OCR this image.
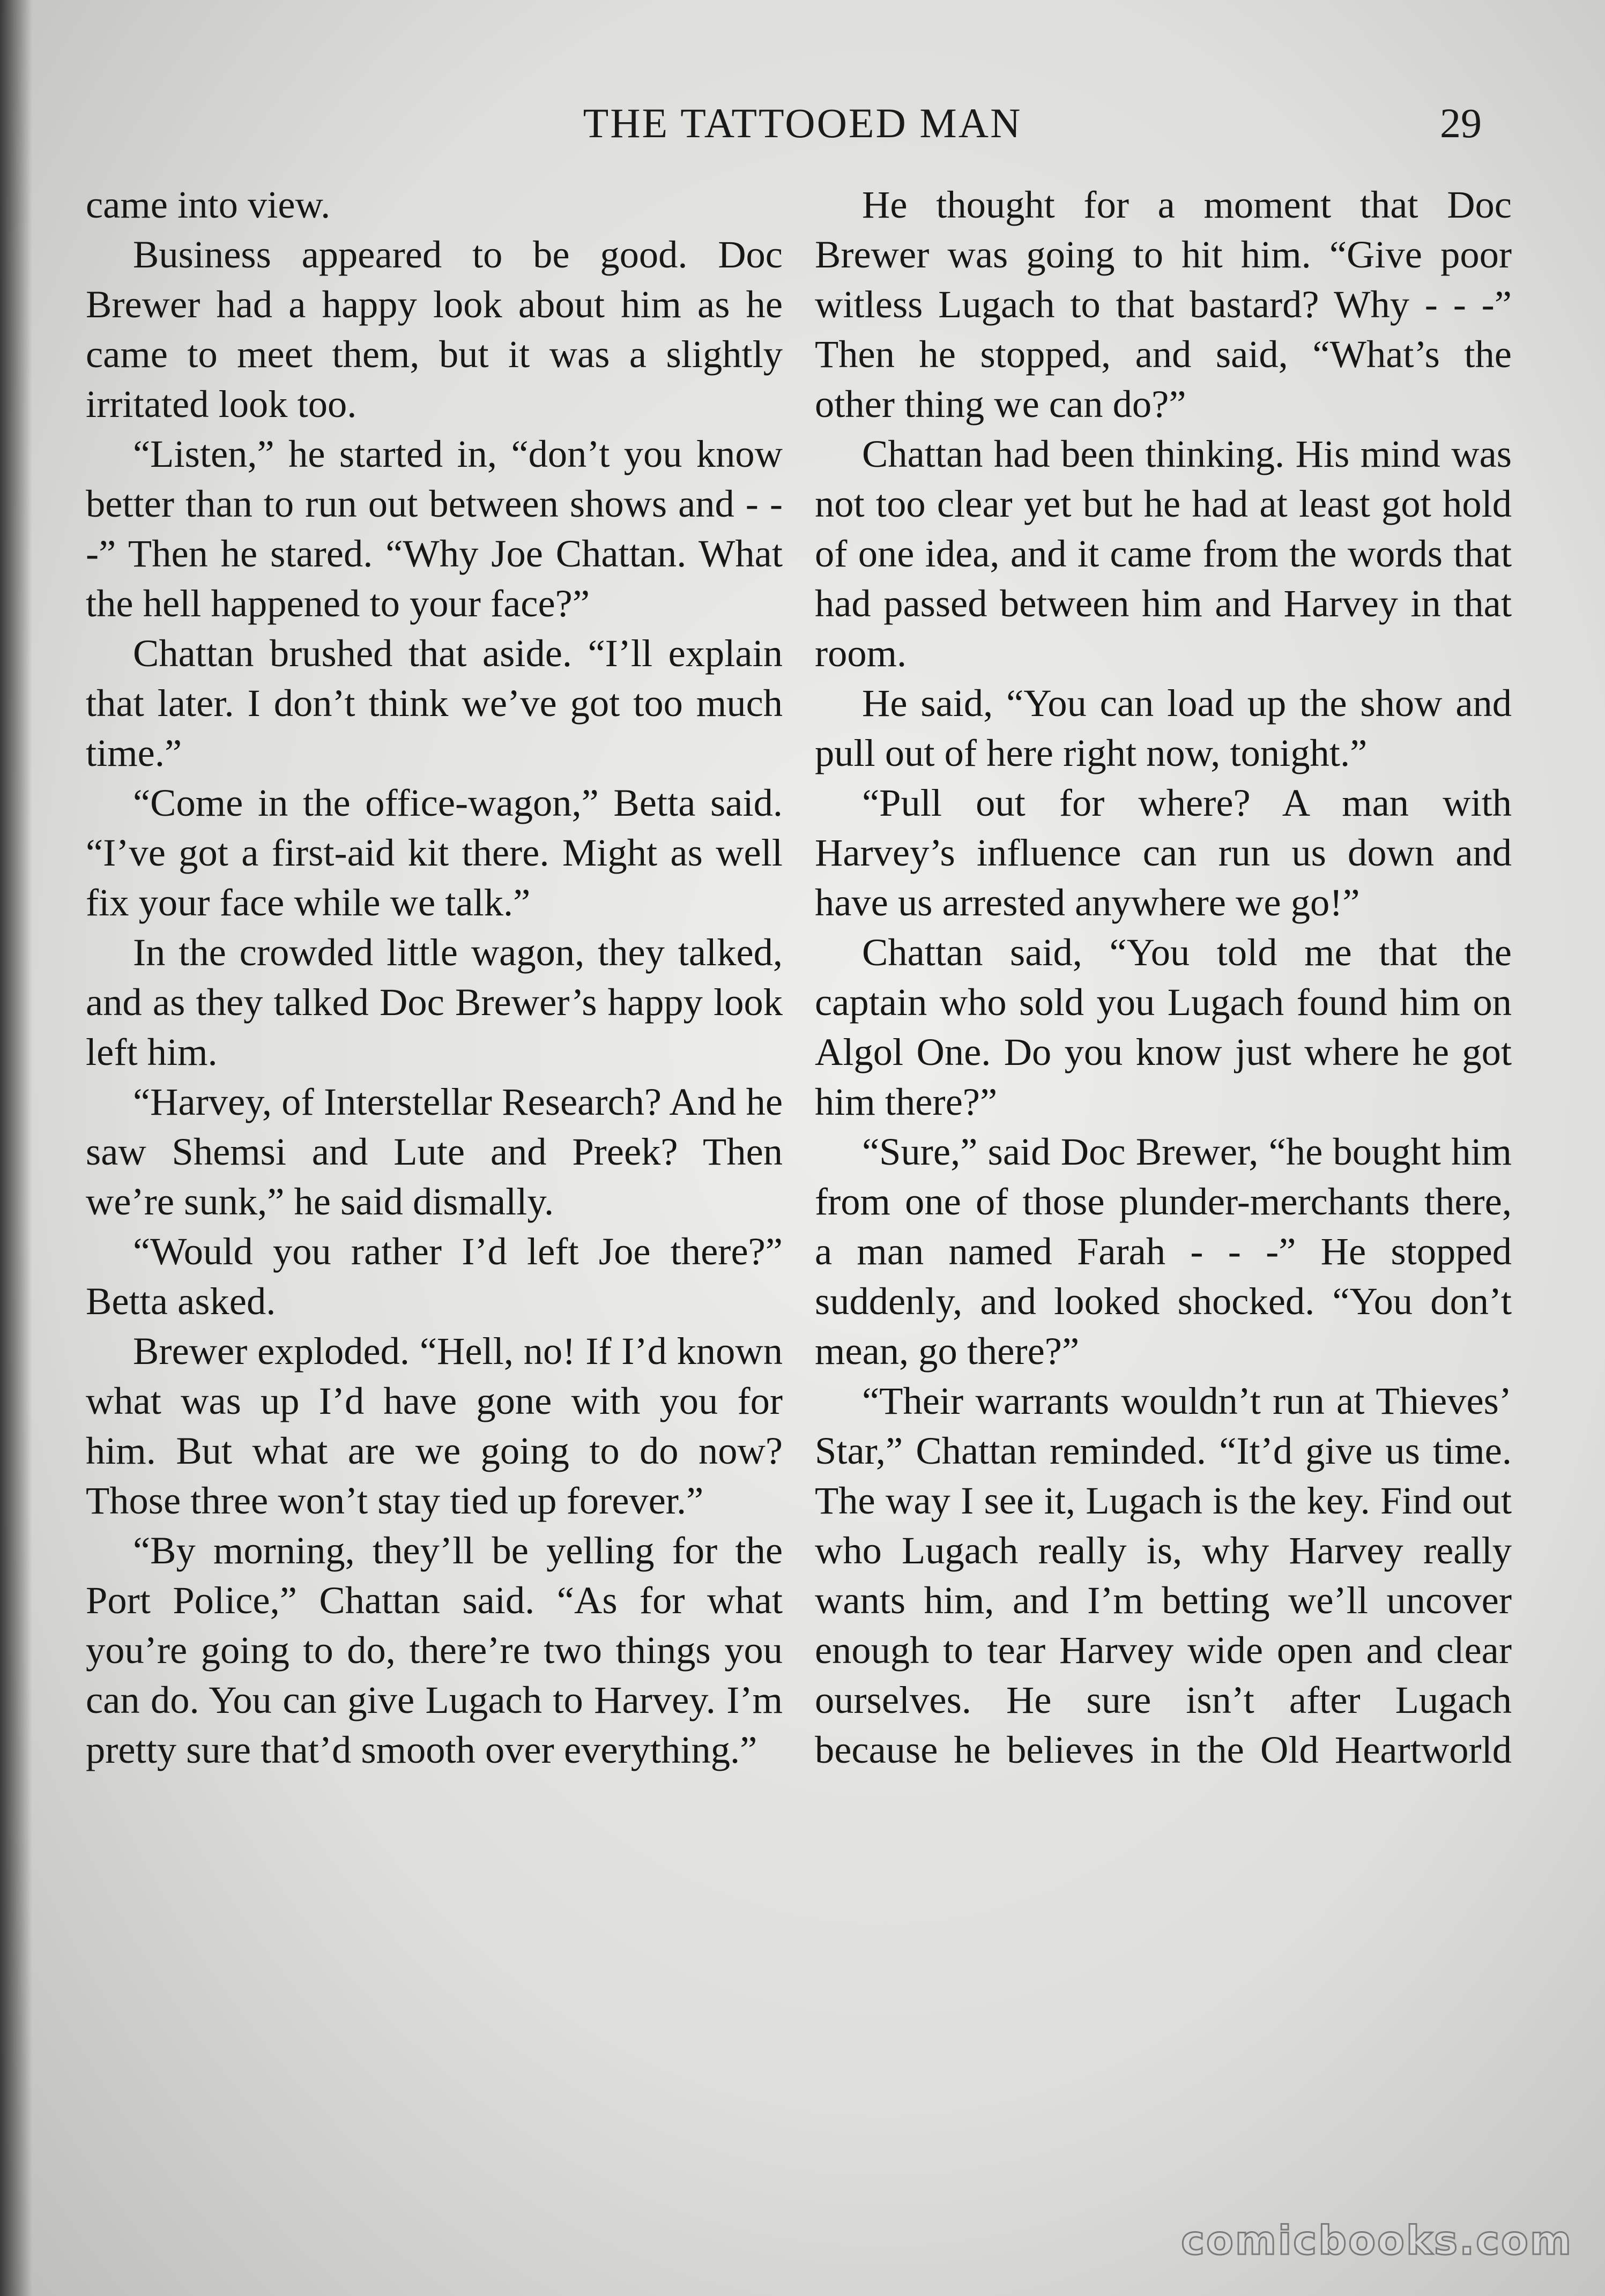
THE TATTOOED MAN	29

came into view.

Business appeared to be good. Doc Brewer had a happy look about him as he came to meet them, but it was a slightly irritated look too.

“Listen,” he started in, “don’t you know better than to run out between shows and - - -” Then he stared. “Why Joe Chattan. What the hell happened to your face?”

Chattan brushed that aside. “I’ll explain that later. I don’t think we’ve got too much time.”

“Come in the office-wagon,” Betta said. “I’ve got a first-aid kit there. Might as well fix your face while we talk.”

In the crowded little wagon, they talked, and as they talked Doc Brewer’s happy look left him.

“Harvey, of Interstellar Research? And he saw Shemsi and Lute and Preek? Then we’re sunk,” he said dismally.

“Would you rather I’d left Joe there?” Betta asked.

Brewer exploded. “Hell, no! If I’d known what was up I’d have gone with you for him. But what are we going to do now? Those three won’t stay tied up forever.”

“By morning, they’ll be yelling for the Port Police,” Chattan said. “As for what you’re going to do, there’re two things you can do. You can give Lugach to Harvey. I’m pretty sure that’d smooth over everything.”

He thought for a moment that Doc Brewer was going to hit him. “Give poor witless Lugach to that bastard? Why - - -” Then he stopped, and said, “What’s the other thing we can do?”

Chattan had been thinking. His mind was not too clear yet but he had at least got hold of one idea, and it came from the words that had passed between him and Harvey in that room.

He said, “You can load up the show and pull out of here right now, tonight.”

“Pull out for where? A man with Harvey’s influence can run us down and have us arrested anywhere we go!”

Chattan said, “You told me that the captain who sold you Lugach found him on Algol One. Do you know just where he got him there?”

“Sure,” said Doc Brewer, “he bought him from one of those plunder-merchants there, a man named Farah - - -” He stopped suddenly, and looked shocked. “You don’t mean, go there?”

“Their warrants wouldn’t run at Thieves’ Star,” Chattan reminded. “It’d give us time. The way I see it, Lugach is the key. Find out who Lugach really is, why Harvey really wants him, and I’m betting we’ll uncover enough to tear Harvey wide open and clear ourselves. He sure isn’t after Lugach because he believes in the Old Heartworld

comicbooks.com
